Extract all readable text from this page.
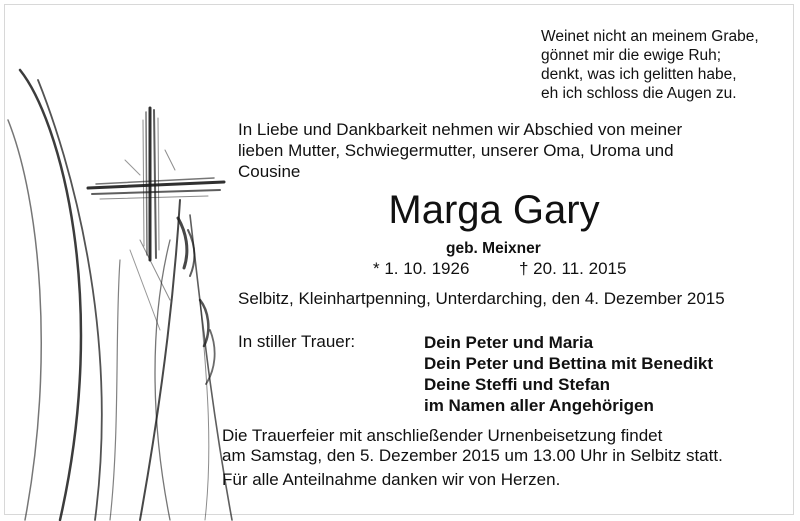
Weinet nicht an meinem Grabe,
gönnet mir die ewige Ruh;
denkt, was ich gelitten habe,
eh ich schloss die Augen zu.
In Liebe und Dankbarkeit nehmen wir Abschied von meiner
lieben Mutter, Schwiegermutter, unserer Oma, Uroma und
Cousine
Marga Gary
geb. Meixner
* 1. 10. 1926	† 20. 11. 2015
Selbitz, Kleinhartpenning, Unterdarching, den 4. Dezember 2015
In stiller Trauer:	Dein Peter und Maria
Dein Peter und Bettina mit Benedikt
Deine Steffi und Stefan
im Namen aller Angehörigen
Die Trauerfeier mit anschließender Urnenbeisetzung findet
am Samstag, den 5. Dezember 2015 um 13.00 Uhr in Selbitz statt.
Für alle Anteilnahme danken wir von Herzen.
